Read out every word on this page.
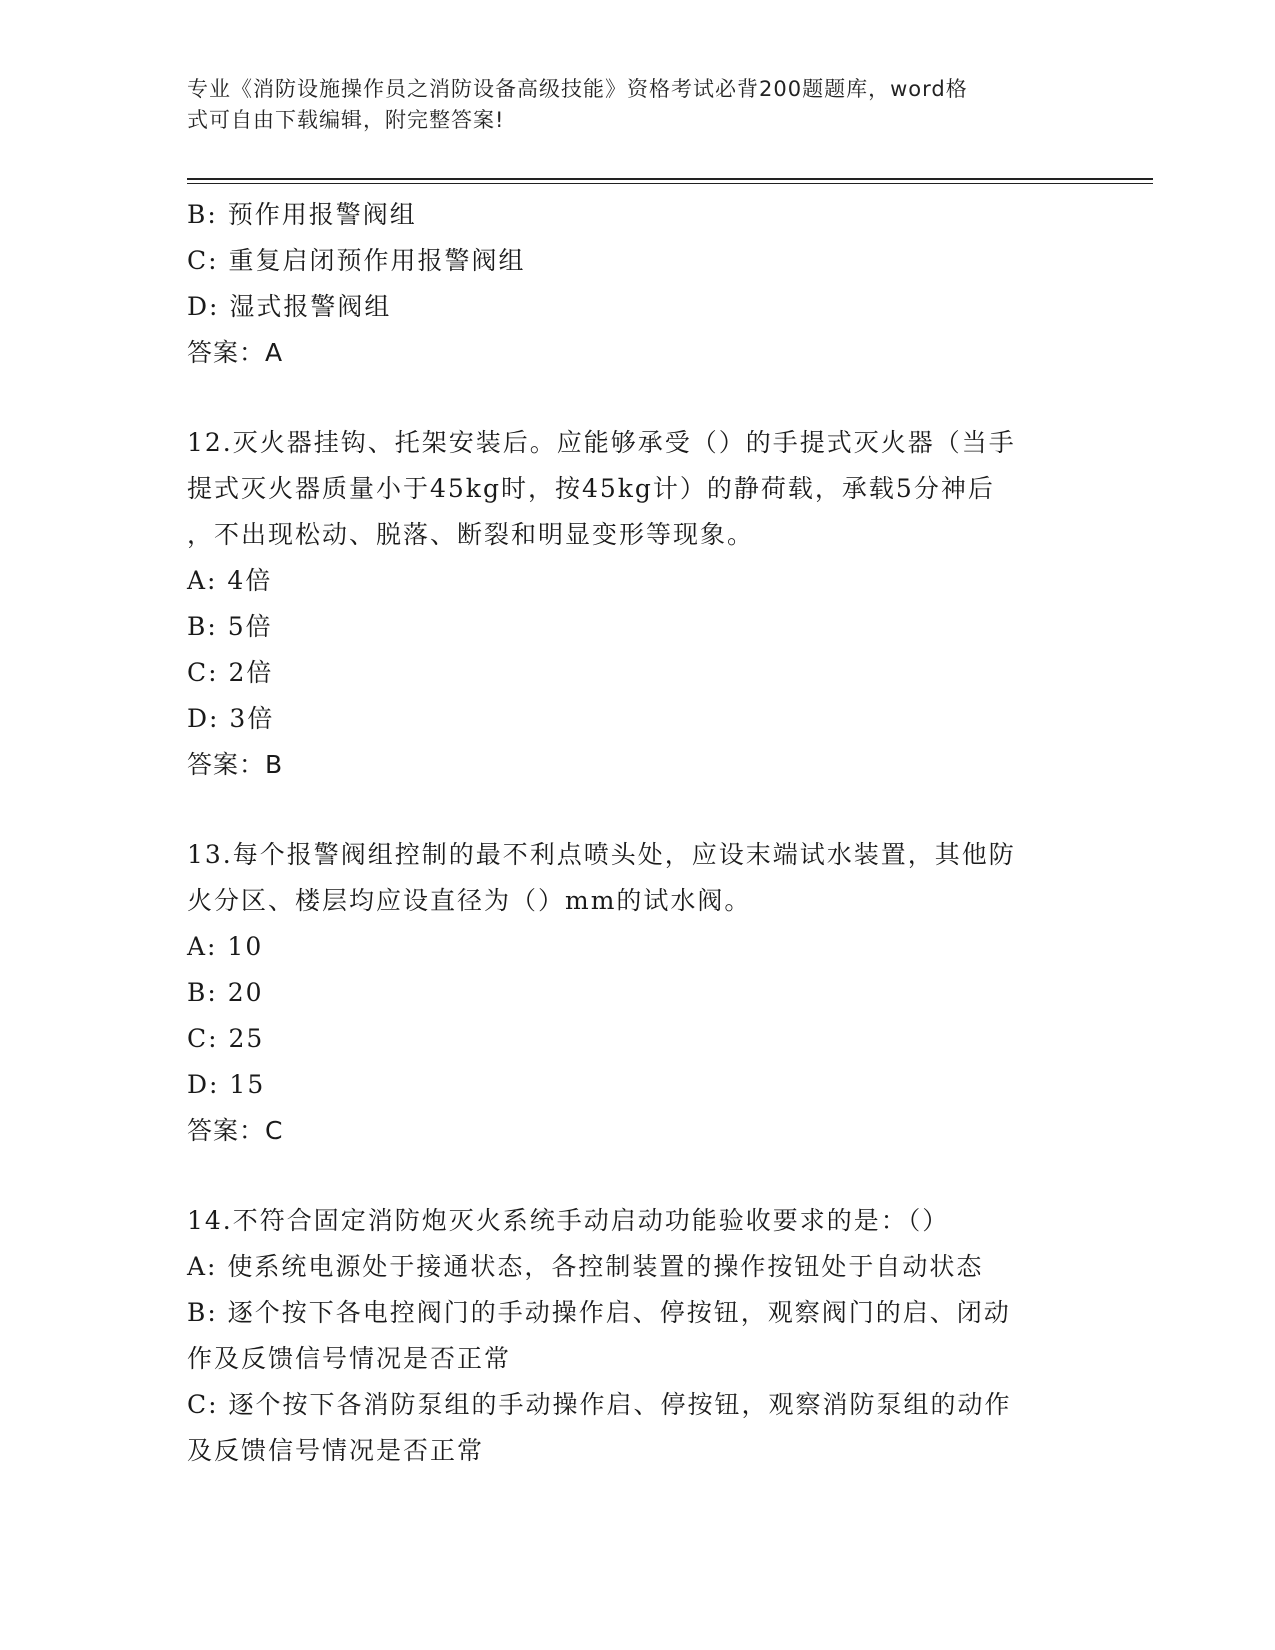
专业《消防设施操作员之消防设备高级技能》资格考试必背200题题库，word格
式可自由下载编辑，附完整答案!
B: 预作用报警阀组
C: 重复启闭预作用报警阀组
D: 湿式报警阀组
答案：A
12.灭火器挂钩、托架安装后。应能够承受（）的手提式灭火器（当手
提式灭火器质量小于45kg时，按45kg计）的静荷载，承载5分神后
，不出现松动、脱落、断裂和明显变形等现象。
A: 4倍
B: 5倍
C: 2倍
D: 3倍
答案：B
13.每个报警阀组控制的最不利点喷头处，应设末端试水装置，其他防
火分区、楼层均应设直径为（）mm的试水阀。
A: 10
B: 20
C: 25
D: 15
答案：C
14.不符合固定消防炮灭火系统手动启动功能验收要求的是：（）
A: 使系统电源处于接通状态，各控制装置的操作按钮处于自动状态
B: 逐个按下各电控阀门的手动操作启、停按钮，观察阀门的启、闭动
作及反馈信号情况是否正常
C: 逐个按下各消防泵组的手动操作启、停按钮，观察消防泵组的动作
及反馈信号情况是否正常
